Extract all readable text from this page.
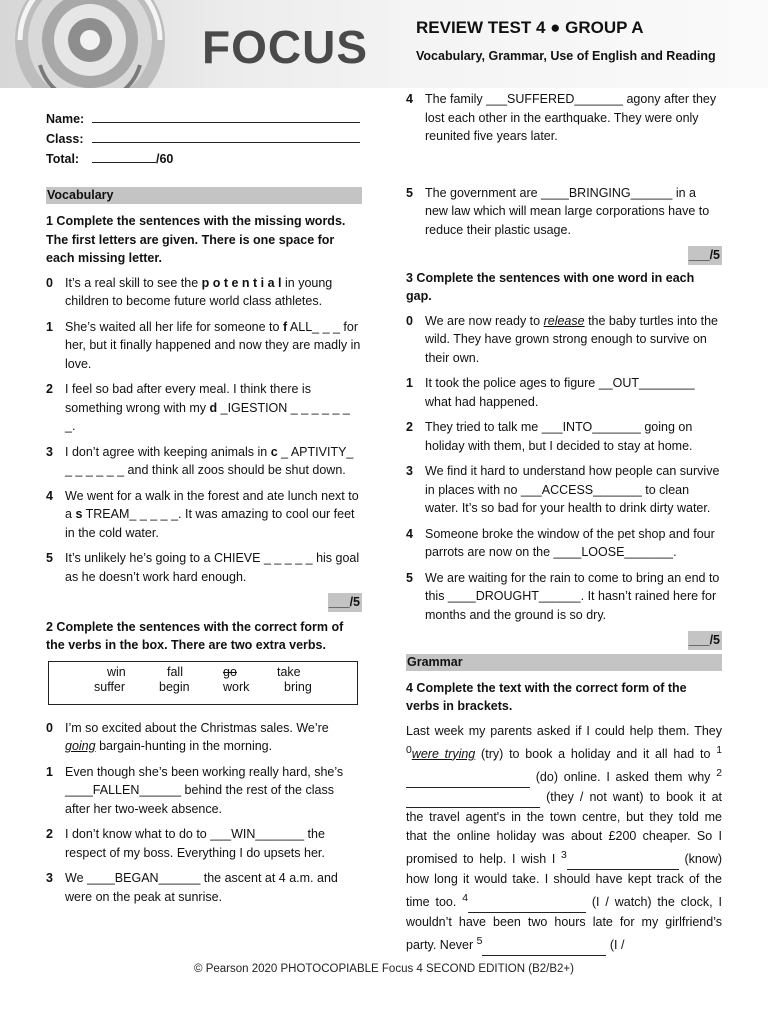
FOCUS	REVIEW TEST 4 ● GROUP A
Vocabulary, Grammar, Use of English and Reading
Name:
Class:
Total:	/60
Vocabulary
1 Complete the sentences with the missing words. The first letters are given. There is one space for each missing letter.
0 It’s a real skill to see the p o t e n t i a l in young children to become future world class athletes.
1 She’s waited all her life for someone to f ALL_ _ _ for her, but it finally happened and now they are madly in love.
2 I feel so bad after every meal. I think there is something wrong with my d _IGESTION _ _ _ _ _ _ _.
3 I don’t agree with keeping animals in c _ APTIVITY_ _ _ _ _ _ _ and think all zoos should be shut down.
4 We went for a walk in the forest and ate lunch next to a s TREAM_ _ _ _ _. It was amazing to cool our feet in the cold water.
5 It’s unlikely he’s going to a CHIEVE _ _ _ _ _ his goal as he doesn’t work hard enough.
___/5
2 Complete the sentences with the correct form of the verbs in the box. There are two extra verbs.
win	fall	go	take
suffer	begin	work	bring
0 I’m so excited about the Christmas sales. We’re going bargain-hunting in the morning.
1 Even though she’s been working really hard, she’s ____FALLEN______ behind the rest of the class after her two-week absence.
2 I don’t know what to do to ___WIN_______ the respect of my boss. Everything I do upsets her.
3 We ____BEGAN______ the ascent at 4 a.m. and were on the peak at sunrise.
4 The family ___SUFFERED_______ agony after they lost each other in the earthquake. They were only reunited five years later.
5 The government are ____BRINGING______ in a new law which will mean large corporations have to reduce their plastic usage.
___/5
3 Complete the sentences with one word in each gap.
0 We are now ready to release the baby turtles into the wild. They have grown strong enough to survive on their own.
1 It took the police ages to figure __OUT________ what had happened.
2 They tried to talk me ___INTO_______ going on holiday with them, but I decided to stay at home.
3 We find it hard to understand how people can survive in places with no ___ACCESS_______ to clean water. It’s so bad for your health to drink dirty water.
4 Someone broke the window of the pet shop and four parrots are now on the ____LOOSE_______.
5 We are waiting for the rain to come to bring an end to this ____DROUGHT______. It hasn’t rained here for months and the ground is so dry.
___/5
Grammar
4 Complete the text with the correct form of the verbs in brackets.
Last week my parents asked if I could help them. They $^0$were trying (try) to book a holiday and it all had to $^1$  (do) online. I asked them why $^2$  (they / not want) to book it at the travel agent's in the town centre, but they told me that the online holiday was about £200 cheaper. So I promised to help. I wish I $^3$	(know) how long it would take. I should have kept track of the time too. $^4$	(I / watch) the clock, I wouldn’t have been two hours late for my girlfriend’s party. Never $^5$	(I /
© Pearson 2020 PHOTOCOPIABLE Focus 4 SECOND EDITION (B2/B2+)
